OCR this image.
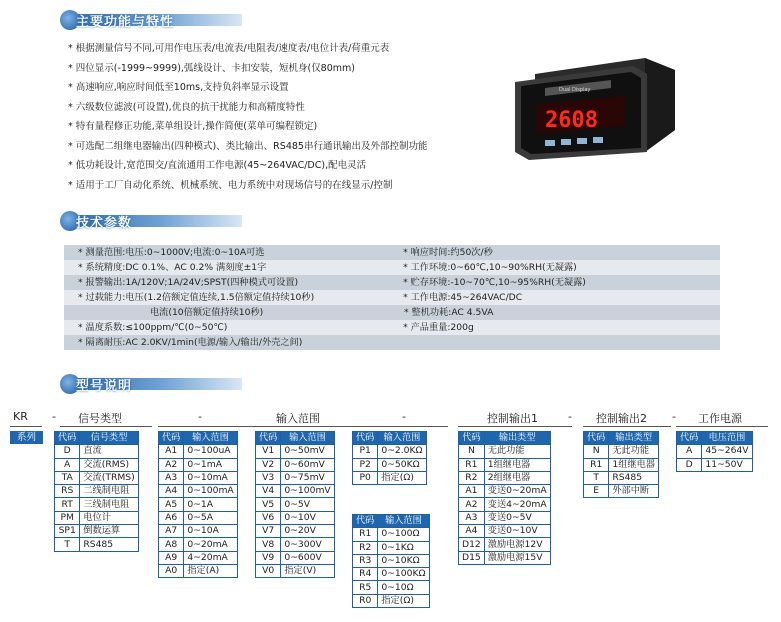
主要功能与特性
* 根据测量信号不同,可用作电压表/电流表/电阻表/速度表/电位计表/荷重元表
* 四位显示(-1999~9999),弧线设计、卡扣安装，短机身(仅80mm)
* 高速响应,响应时间低至10ms,支持负斜率显示设置
* 六级数位滤波(可设置),优良的抗干扰能力和高精度特性
* 特有量程修正功能,菜单组设计,操作简便(菜单可编程锁定)
* 可选配二组继电器输出(四种模式)、类比输出、RS485串行通讯输出及外部控制功能
* 低功耗设计,宽范围交/直流通用工作电源(45~264VAC/DC),配电灵活
* 适用于工厂自动化系统、机械系统、电力系统中对现场信号的在线显示/控制
Dual Display
2608
技术参数
* 测量范围:电压:0~1000V;电流:0~10A可选	* 响应时间:约50次/秒
* 系统精度:DC 0.1%、AC 0.2% 满刻度±1字	* 工作环境:0~60℃,10~90%RH(无凝露)
* 报警输出:1A/120V;1A/24V;SPST(四种模式可设置)	* 贮存环境:-10~70℃,10~95%RH(无凝露)
* 过载能力:电压(1.2倍额定值连续,1.5倍额定值持续10秒)	* 工作电源:45~264VAC/DC
电流(10倍额定值持续10秒)	* 整机功耗:AC 4.5VA
* 温度系数:≤100ppm/℃(0~50℃)	* 产品重量:200g
* 隔离耐压:AC 2.0KV/1min(电源/输入/输出/外壳之间)
型号说明
KR
系列
- 信号类型	-	输入范围	-	控制输出1	- 控制输出2 - 工作电源
代码	信号类型
D	直流
A	交流(RMS)
TA	交流(TRMS)
RS	二线制电阻
RT	三线制电阻
PM	电位计
SP1	倒数运算
T	RS485
代码	输入范围
A1	0~100uA
A2	0~1mA
A3	0~10mA
A4	0~100mA
A5	0~1A
A6	0~5A
A7	0~10A
A8	0~20mA
A9	4~20mA
A0	指定(A)
代码	输入范围
V1	0~50mV
V2	0~60mV
V3	0~75mV
V4	0~100mV
V5	0~5V
V6	0~10V
V7	0~20V
V8	0~300V
V9	0~600V
V0	指定(V)
代码	输入范围
P1	0~2.0KΩ
P2	0~50KΩ
P0	指定(Ω)
代码	输入范围
R1	0~100Ω
R2	0~1KΩ
R3	0~10KΩ
R4	0~100KΩ
R5	0~10Ω
R0	指定(Ω)
代码	输出类型
N	无此功能
R1	1组继电器
R2	2组继电器
A1	变送0~20mA
A2	变送4~20mA
A3	变送0~5V
A4	变送0~10V
D12	激励电源12V
D15	激励电源15V
代码	输出类型
N	无此功能
R1	1组继电器
T	RS485
E	外部中断
代码	电压范围
A	45~264V
D	11~50V
